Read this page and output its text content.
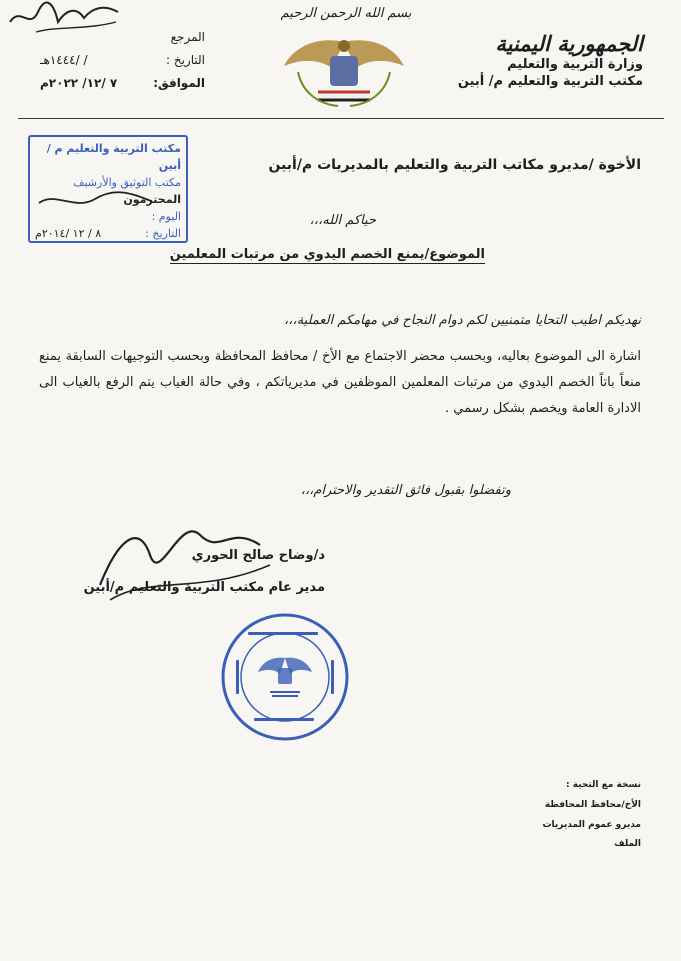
الجمهورية اليمنية
وزارة التربية والتعليم
مكتب التربية والتعليم م/ أبين
بسم الله الرحمن الرحيم
المرجع
التاريخ :
/ /١٤٤٤هـ
الموافق:
٧ /١٢/ ٢٠٢٢م
مكتب التربية والتعليم م / أبين
مكتب التوثيق والأرشيف
المحترمون
اليوم :
التاريخ :
٨ / ١٢ /٢٠١٤م
الأخوة /مديرو مكاتب التربية والتعليم بالمديريات م/أبين
حياكم الله،،،
الموضوع/يمنع الخصم اليدوي من مرتبات المعلمين
نهديكم اطيب التحايا متمنيين لكم دوام النجاح في مهامكم العملية،،،
اشارة الى الموضوع بعاليه، وبحسب محضر الاجتماع مع الأخ / محافظ المحافظة وبحسب التوجيهات السابقة يمنع منعاً باتاً الخصم اليدوي من مرتبات المعلمين الموظفين في مديرياتكم ، وفي حالة الغياب يتم الرفع بالغياب الى الادارة العامة ويخصم بشكل رسمي .
وتفضلوا بقبول فائق التقدير والاحترام،،،
د/وضاح صالح الحوري
مدير عام مكتب التربية والتعليم م/أبين
نسخة مع التحية :
الأخ/محافظ المحافظة
مديرو عموم المديريات
الملف
